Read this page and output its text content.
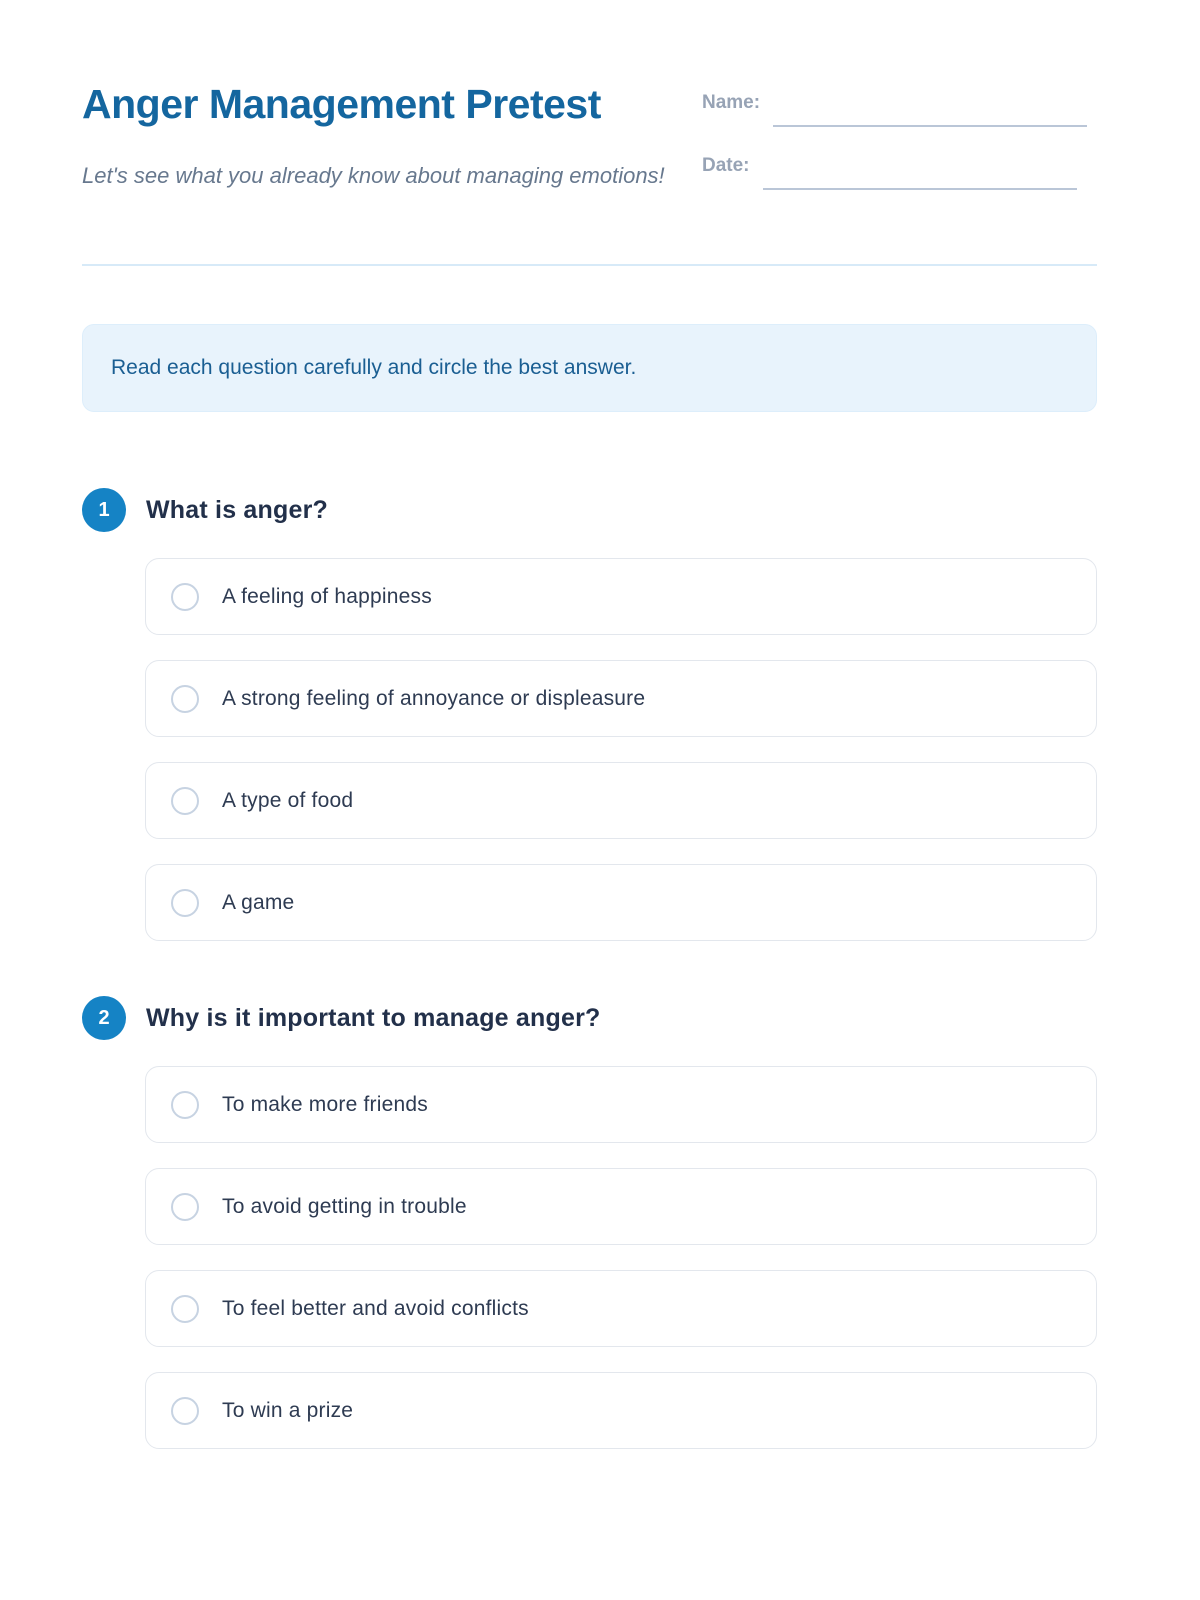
Anger Management Pretest
Let's see what you already know about managing emotions!
Name:
Date:
Read each question carefully and circle the best answer.
1	What is anger?
A feeling of happiness
A strong feeling of annoyance or displeasure
A type of food
A game
2	Why is it important to manage anger?
To make more friends
To avoid getting in trouble
To feel better and avoid conflicts
To win a prize
